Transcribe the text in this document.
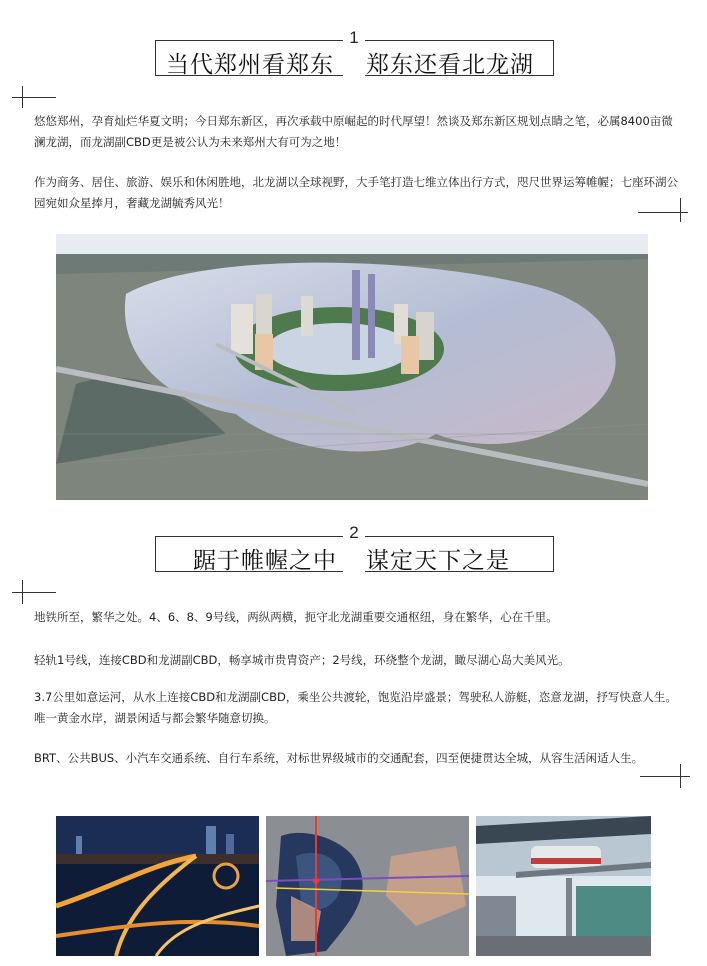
当代郑州看郑东 郑东还看北龙湖
1
悠悠郑州，孕育灿烂华夏文明；今日郑东新区，再次承载中原崛起的时代厚望！然谈及郑东新区规划点睛之笔，必属8400亩微澜龙湖，而龙湖副CBD更是被公认为未来郑州大有可为之地！
作为商务、居住、旅游、娱乐和休闲胜地，北龙湖以全球视野，大手笔打造七维立体出行方式，咫尺世界运筹帷幄；七座环湖公园宛如众星捧月，奢藏龙湖毓秀风光！
踞于帷幄之中 谋定天下之是
2
地铁所至，繁华之处。4、6、8、9号线，两纵两横，扼守北龙湖重要交通枢纽，身在繁华，心在千里。
轻轨1号线，连接CBD和龙湖副CBD，畅享城市贵胄资产；2号线，环绕整个龙湖，瞰尽湖心岛大美风光。
3.7公里如意运河，从水上连接CBD和龙湖副CBD，乘坐公共渡轮，饱览沿岸盛景；驾驶私人游艇，恣意龙湖，抒写快意人生。唯一黄金水岸，湖景闲适与都会繁华随意切换。
BRT、公共BUS、小汽车交通系统、自行车系统，对标世界级城市的交通配套，四至便捷贯达全城，从容生活闲适人生。
